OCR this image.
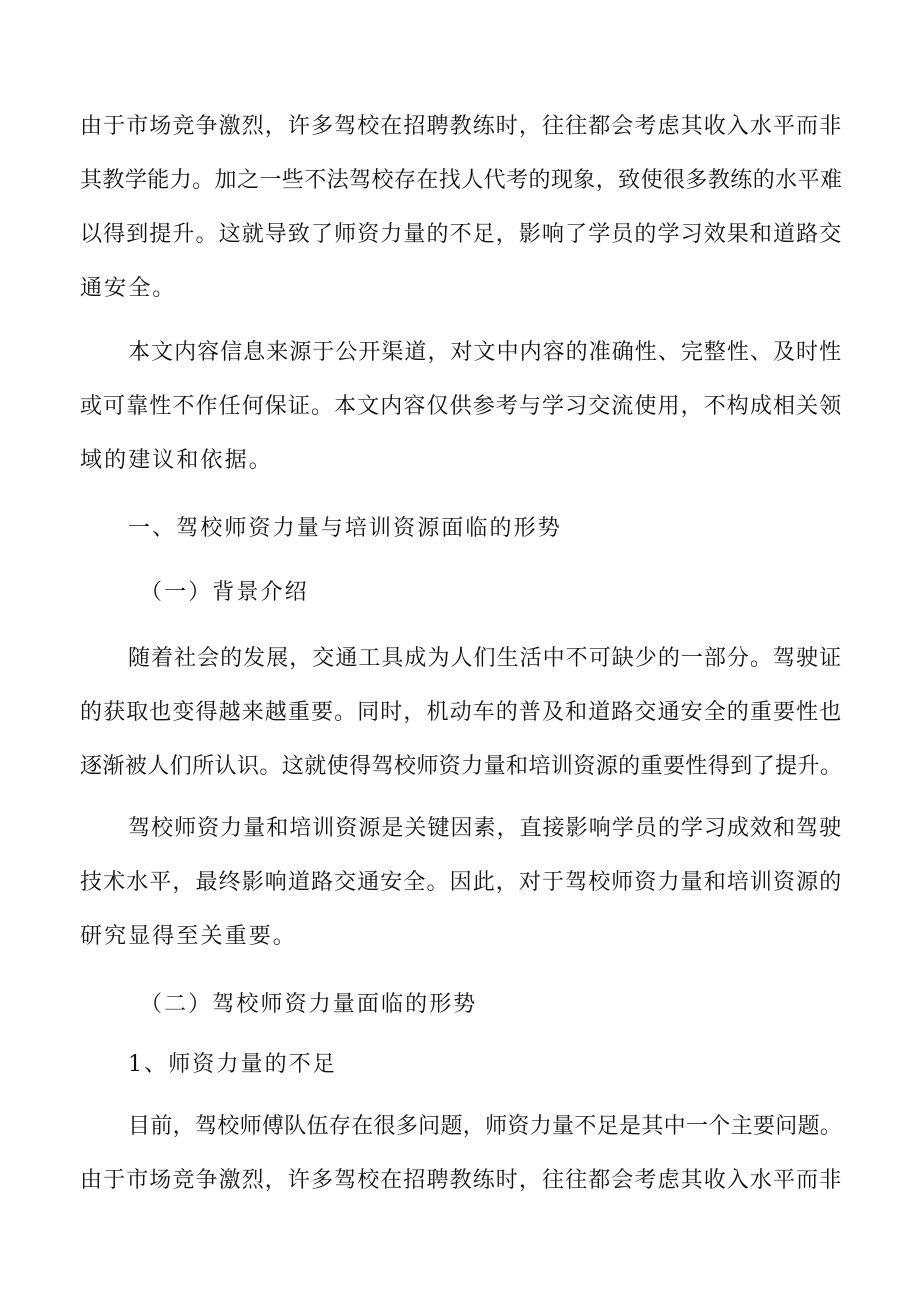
由于市场竞争激烈，许多驾校在招聘教练时，往往都会考虑其收入水平而非
其教学能力。加之一些不法驾校存在找人代考的现象，致使很多教练的水平难
以得到提升。这就导致了师资力量的不足，影响了学员的学习效果和道路交
通安全。
本文内容信息来源于公开渠道，对文中内容的准确性、完整性、及时性
或可靠性不作任何保证。本文内容仅供参考与学习交流使用，不构成相关领
域的建议和依据。
一、驾校师资力量与培训资源面临的形势
（一）背景介绍
随着社会的发展，交通工具成为人们生活中不可缺少的一部分。驾驶证
的获取也变得越来越重要。同时，机动车的普及和道路交通安全的重要性也
逐渐被人们所认识。这就使得驾校师资力量和培训资源的重要性得到了提升。
驾校师资力量和培训资源是关键因素，直接影响学员的学习成效和驾驶
技术水平，最终影响道路交通安全。因此，对于驾校师资力量和培训资源的
研究显得至关重要。
（二）驾校师资力量面临的形势
1、师资力量的不足
目前，驾校师傅队伍存在很多问题，师资力量不足是其中一个主要问题。
由于市场竞争激烈，许多驾校在招聘教练时，往往都会考虑其收入水平而非
